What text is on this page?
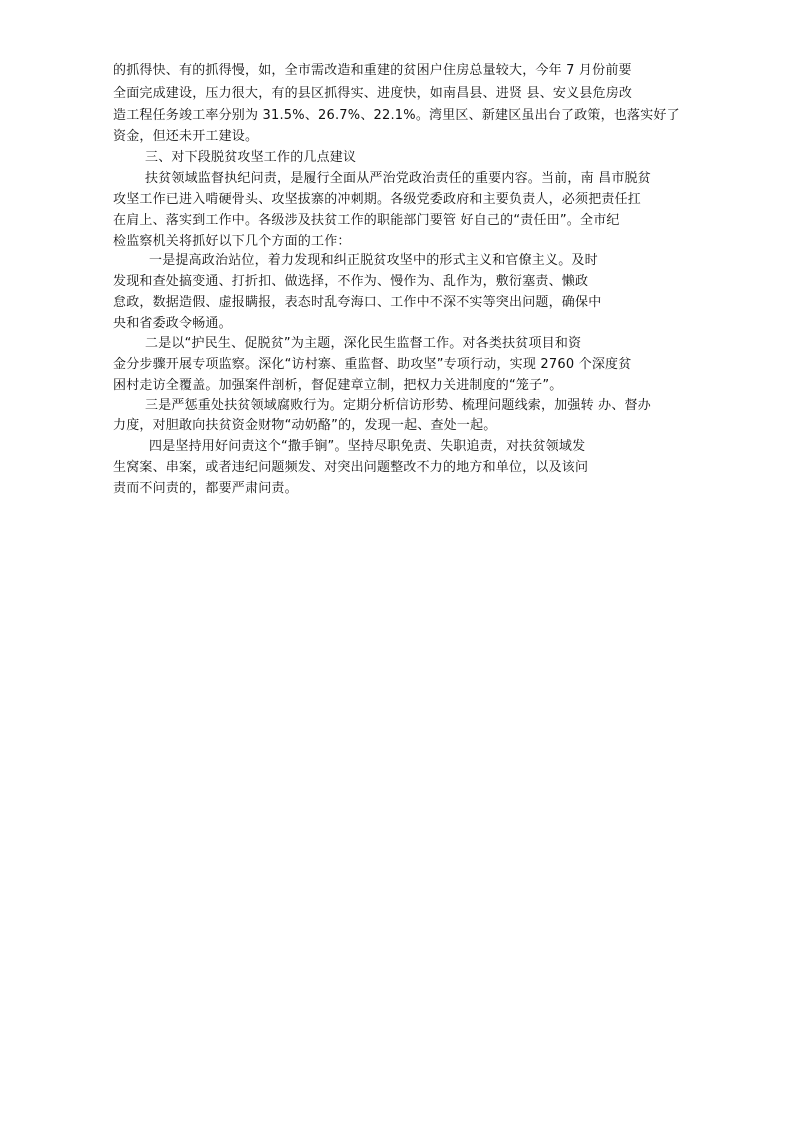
的抓得快、有的抓得慢，如，全市需改造和重建的贫困户住房总量较大，今年 7 月份前要
全面完成建设，压力很大，有的县区抓得实、进度快，如南昌县、进贤 县、安义县危房改
造工程任务竣工率分别为 31.5%、26.7%、22.1%。湾里区、新建区虽出台了政策，也落实好了
资金，但还未开工建设。
三、对下段脱贫攻坚工作的几点建议
扶贫领域监督执纪问责，是履行全面从严治党政治责任的重要内容。当前，南 昌市脱贫
攻坚工作已进入啃硬骨头、攻坚拔寨的冲刺期。各级党委政府和主要负责人，必须把责任扛
在肩上、落实到工作中。各级涉及扶贫工作的职能部门要管 好自己的“责任田”。全市纪
检监察机关将抓好以下几个方面的工作：
一是提高政治站位，着力发现和纠正脱贫攻坚中的形式主义和官僚主义。及时
发现和查处搞变通、打折扣、做选择，不作为、慢作为、乱作为，敷衍塞责、懒政
怠政，数据造假、虚报瞒报，表态时乱夸海口、工作中不深不实等突出问题，确保中
央和省委政令畅通。
二是以“护民生、促脱贫”为主题，深化民生监督工作。对各类扶贫项目和资
金分步骤开展专项监察。深化“访村寨、重监督、助攻坚”专项行动，实现 2760 个深度贫
困村走访全覆盖。加强案件剖析，督促建章立制，把权力关进制度的“笼子”。
三是严惩重处扶贫领域腐败行为。定期分析信访形势、梳理问题线索，加强转 办、督办
力度，对胆敢向扶贫资金财物“动奶酪”的，发现一起、查处一起。
四是坚持用好问责这个“撒手锏”。坚持尽职免责、失职追责，对扶贫领域发
生窝案、串案，或者违纪问题频发、对突出问题整改不力的地方和单位，以及该问
责而不问责的，都要严肃问责。
